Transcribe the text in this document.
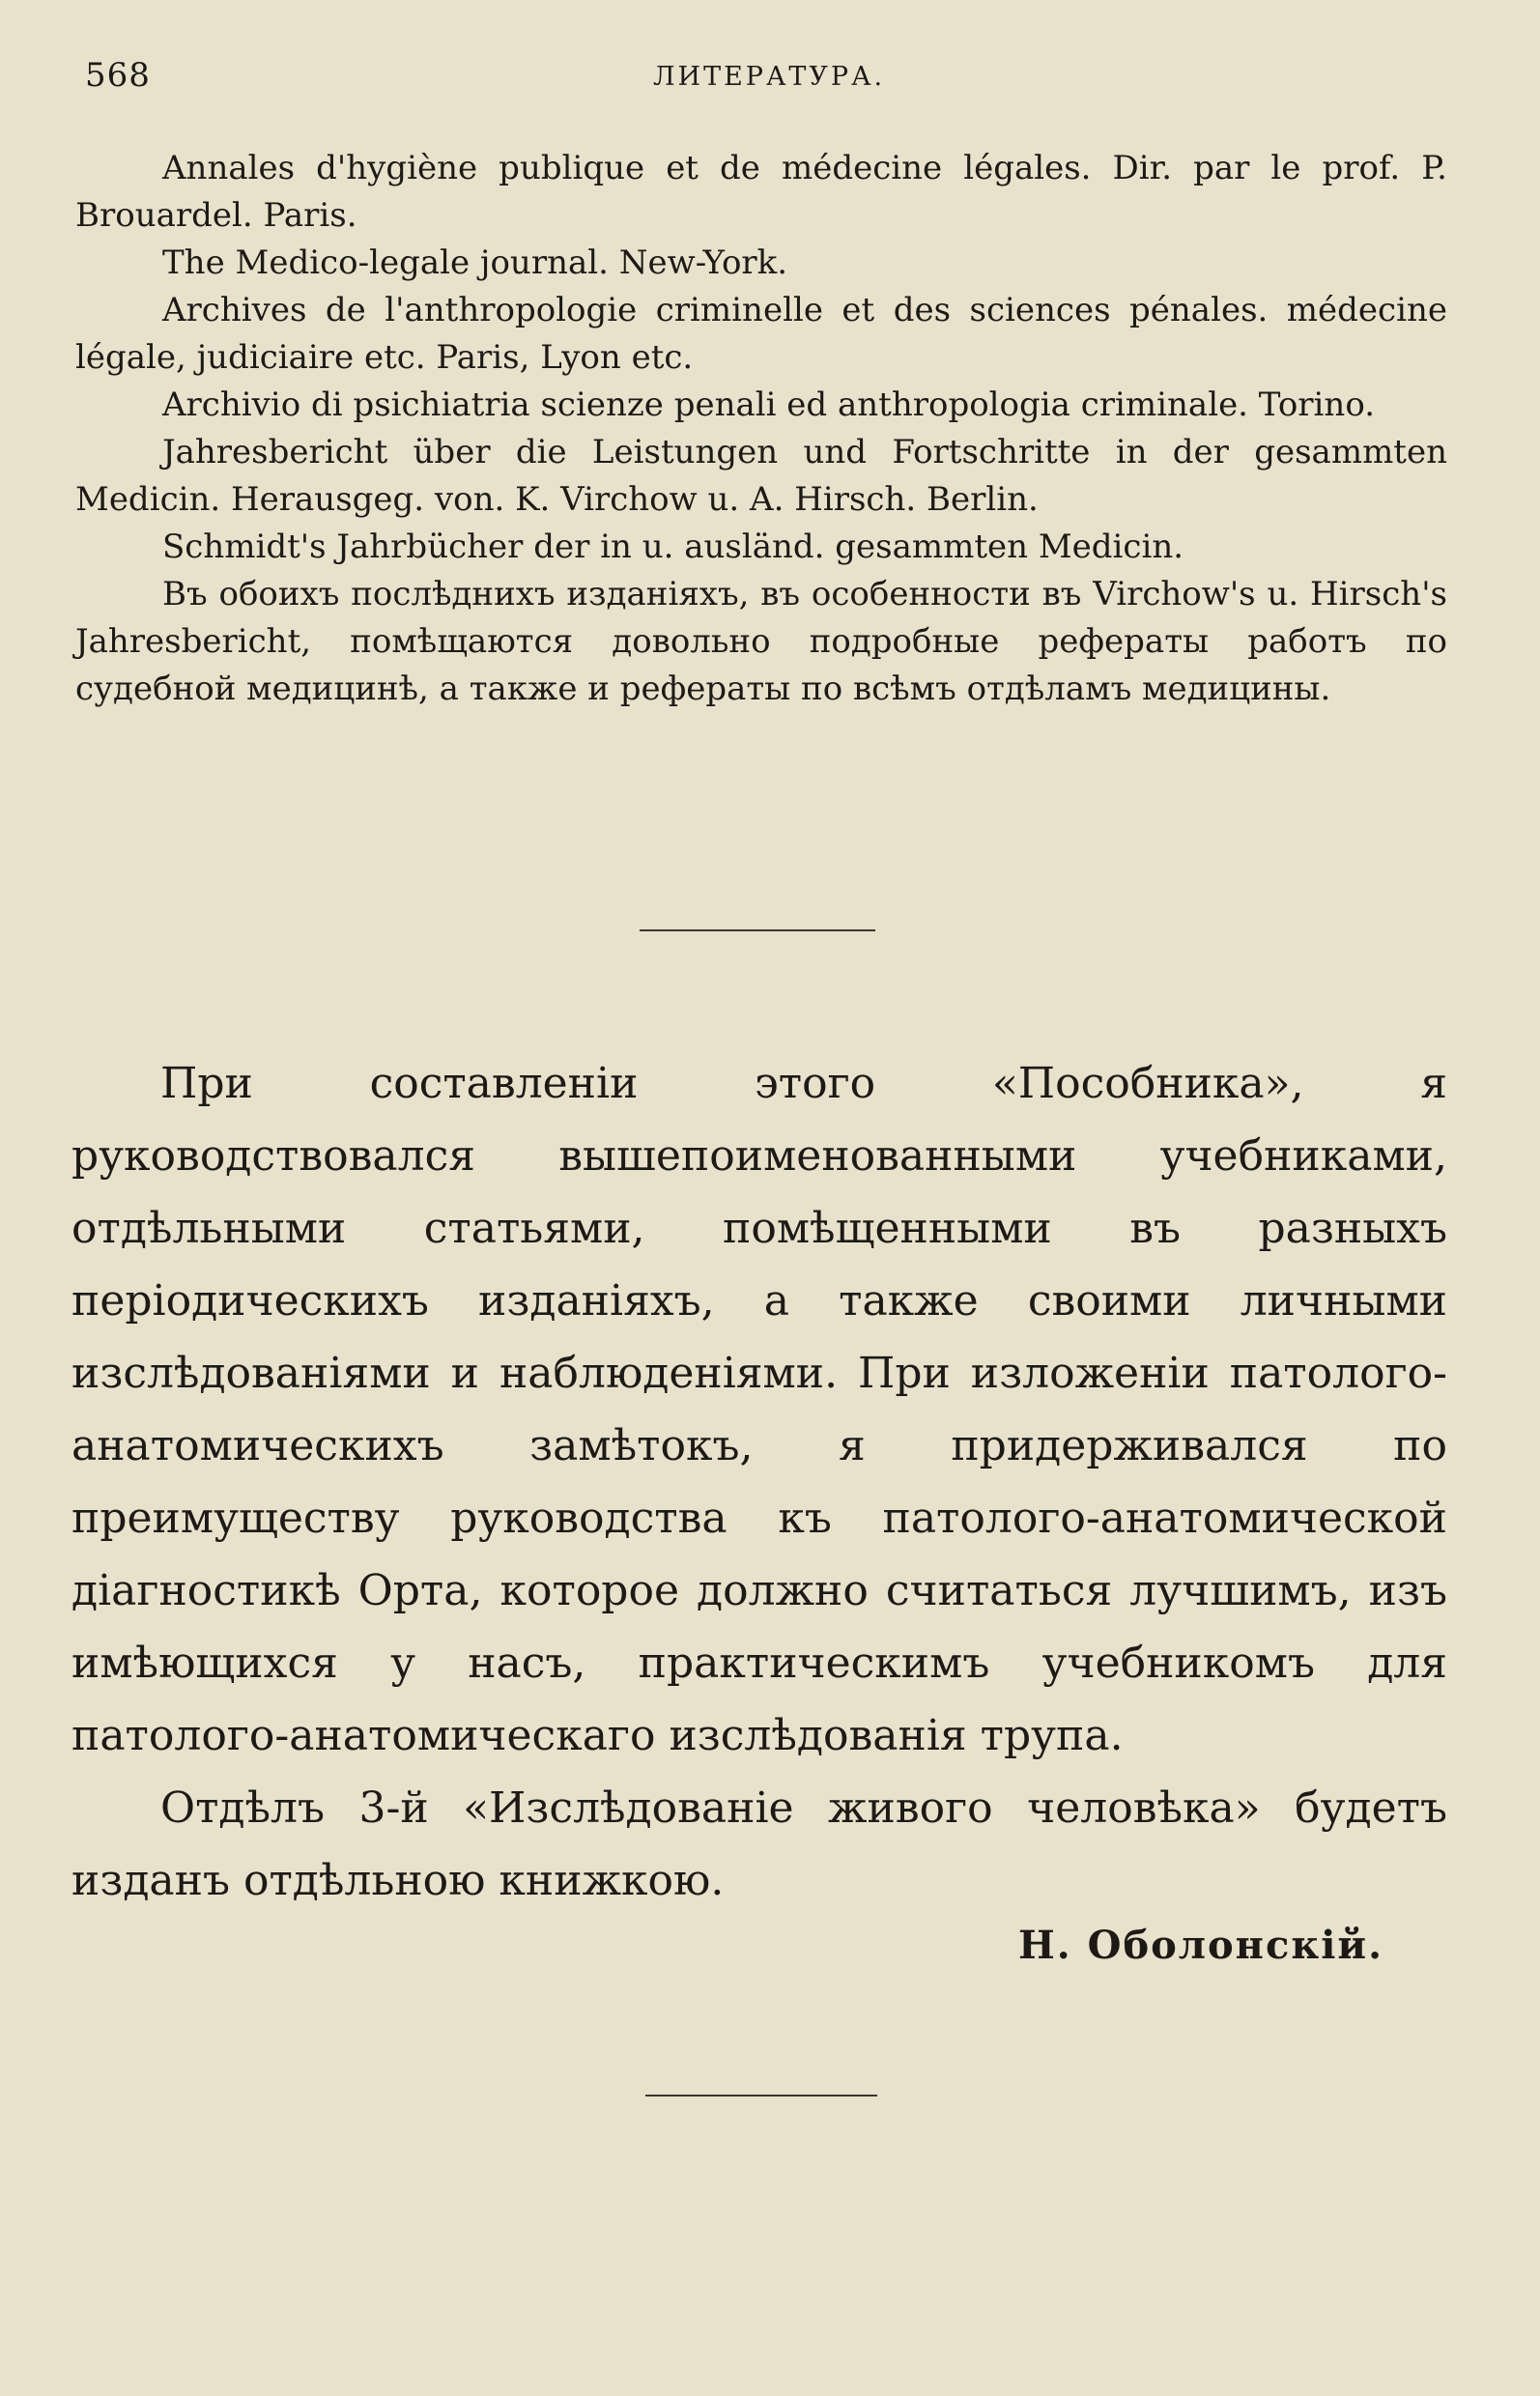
568	ЛИТЕРАТУРА.

Annales d'hygiène publique et de médecine légales. Dir. par le prof. P. Brouardel. Paris.

The Medico-legale journal. New-York.

Archives de l'anthropologie criminelle et des sciences pénales. médecine légale, judiciaire etc. Paris, Lyon etc.

Archivio di psichiatria scienze penali ed anthropologia criminale. Torino.

Jahresbericht über die Leistungen und Fortschritte in der gesammten Medicin. Herausgeg. von. K. Virchow u. A. Hirsch. Berlin.

Schmidt's Jahrbücher der in u. ausländ. gesammten Medicin.

Въ обоихъ послѣднихъ изданіяхъ, въ особенности въ Virchow's u. Hirsch's Jahresbericht, помѣщаются довольно подробные рефераты работъ по судебной медицинѣ, а также и рефераты по всѣмъ отдѣламъ медицины.

При составленіи этого «Пособника», я руководствовался вышепоименованными учебниками, отдѣльными статьями, помѣщенными въ разныхъ періодическихъ изданіяхъ, а также своими личными изслѣдованіями и наблюденіями. При изложеніи патолого-анатомическихъ замѣтокъ, я придерживался по преимуществу руководства къ патолого-анатомической діагностикѣ Орта, которое должно считаться лучшимъ, изъ имѣющихся у насъ, практическимъ учебникомъ для патолого-анатомическаго изслѣдованія трупа.

Отдѣлъ 3-й «Изслѣдованіе живого человѣка» будетъ изданъ отдѣльною книжкою.

Н. Оболонскій.
